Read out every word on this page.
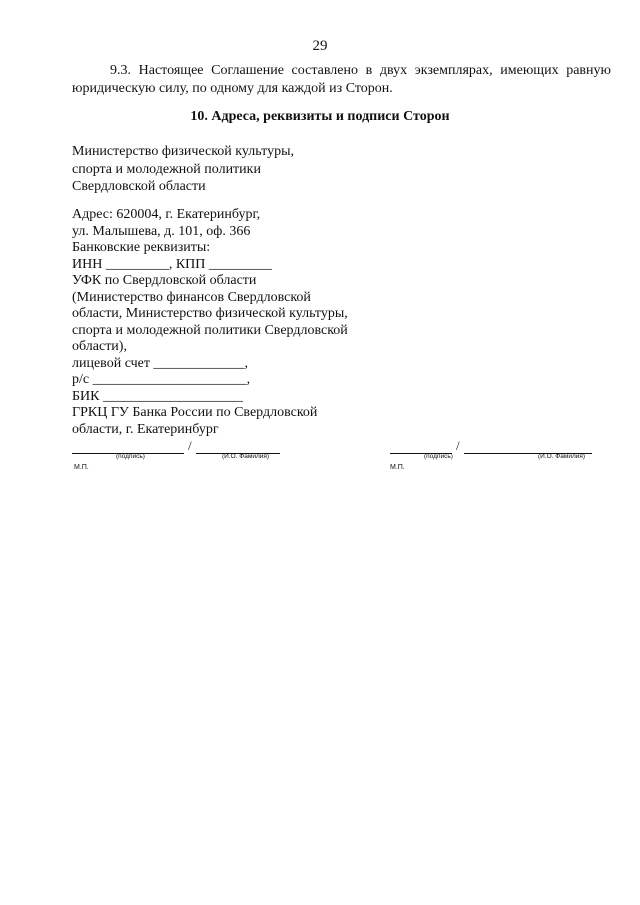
29
9.3. Настоящее Соглашение составлено в двух экземплярах, имеющих равную юридическую силу, по одному для каждой из Сторон.
10. Адреса, реквизиты и подписи Сторон
Министерство физической культуры,
спорта и молодежной политики
Свердловской области
Адрес: 620004, г. Екатеринбург,
ул. Малышева, д. 101, оф. 366
Банковские реквизиты:
ИНН _________, КПП _________
УФК по Свердловской области
(Министерство финансов Свердловской
области, Министерство физической культуры,
спорта и молодежной политики Свердловской
области),
лицевой счет _____________,
р/с ______________________,
БИК ____________________
ГРКЦ ГУ Банка России по Свердловской
области, г. Екатеринбург
/
(подпись)	(И.О. Фамилия)
М.П.
/
(подпись)	(И.О. Фамилия)
М.П.
